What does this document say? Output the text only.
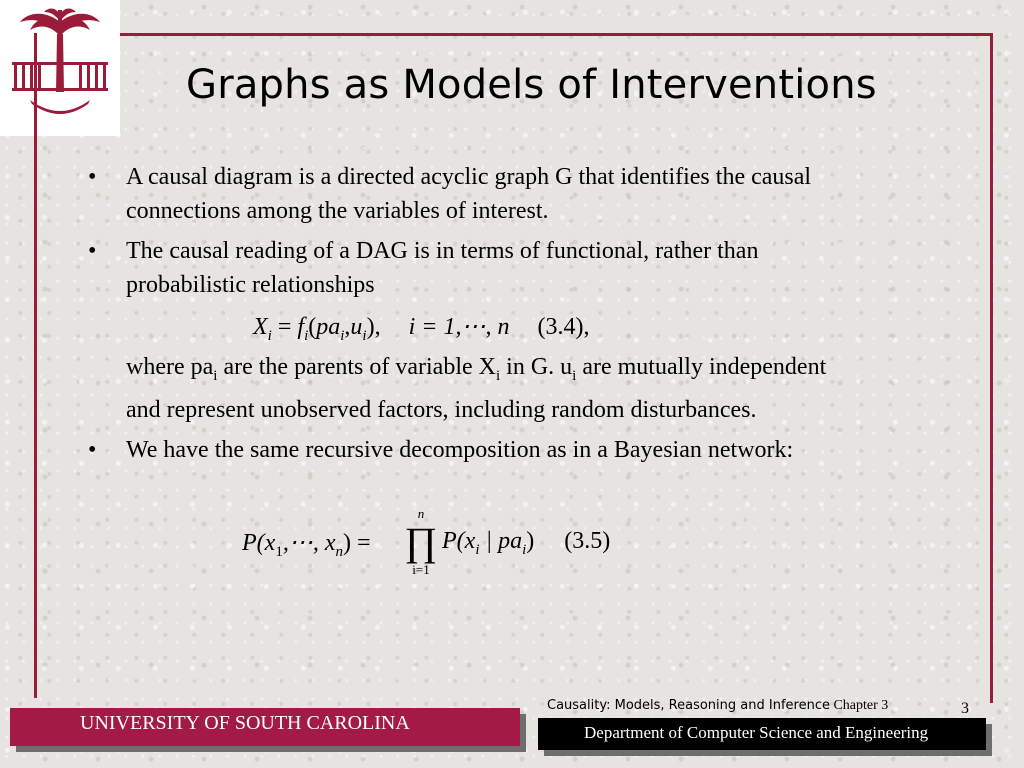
Graphs as Models of Interventions
• A causal diagram is a directed acyclic graph G that identifies the causal connections among the variables of interest.
• The causal reading of a DAG is in terms of functional, rather than probabilistic relationships
where $pa_i$ are the parents of variable $X_i$ in G. $u_i$ are mutually independent and represent unobserved factors, including random disturbances.
• We have the same recursive decomposition as in a Bayesian network:
$X_i = f_i(pa_i,u_i)$, i = 1,⋯, n (3.4),
$P(x_1,\cdots$, $x_n$) =
n
∏
i=1
$P(x_i$ | $pa_i$) (3.5)
Causality: Models, Reasoning and Inference Chapter 3	3
UNIVERSITY OF SOUTH CAROLINA	Department of Computer Science and Engineering
